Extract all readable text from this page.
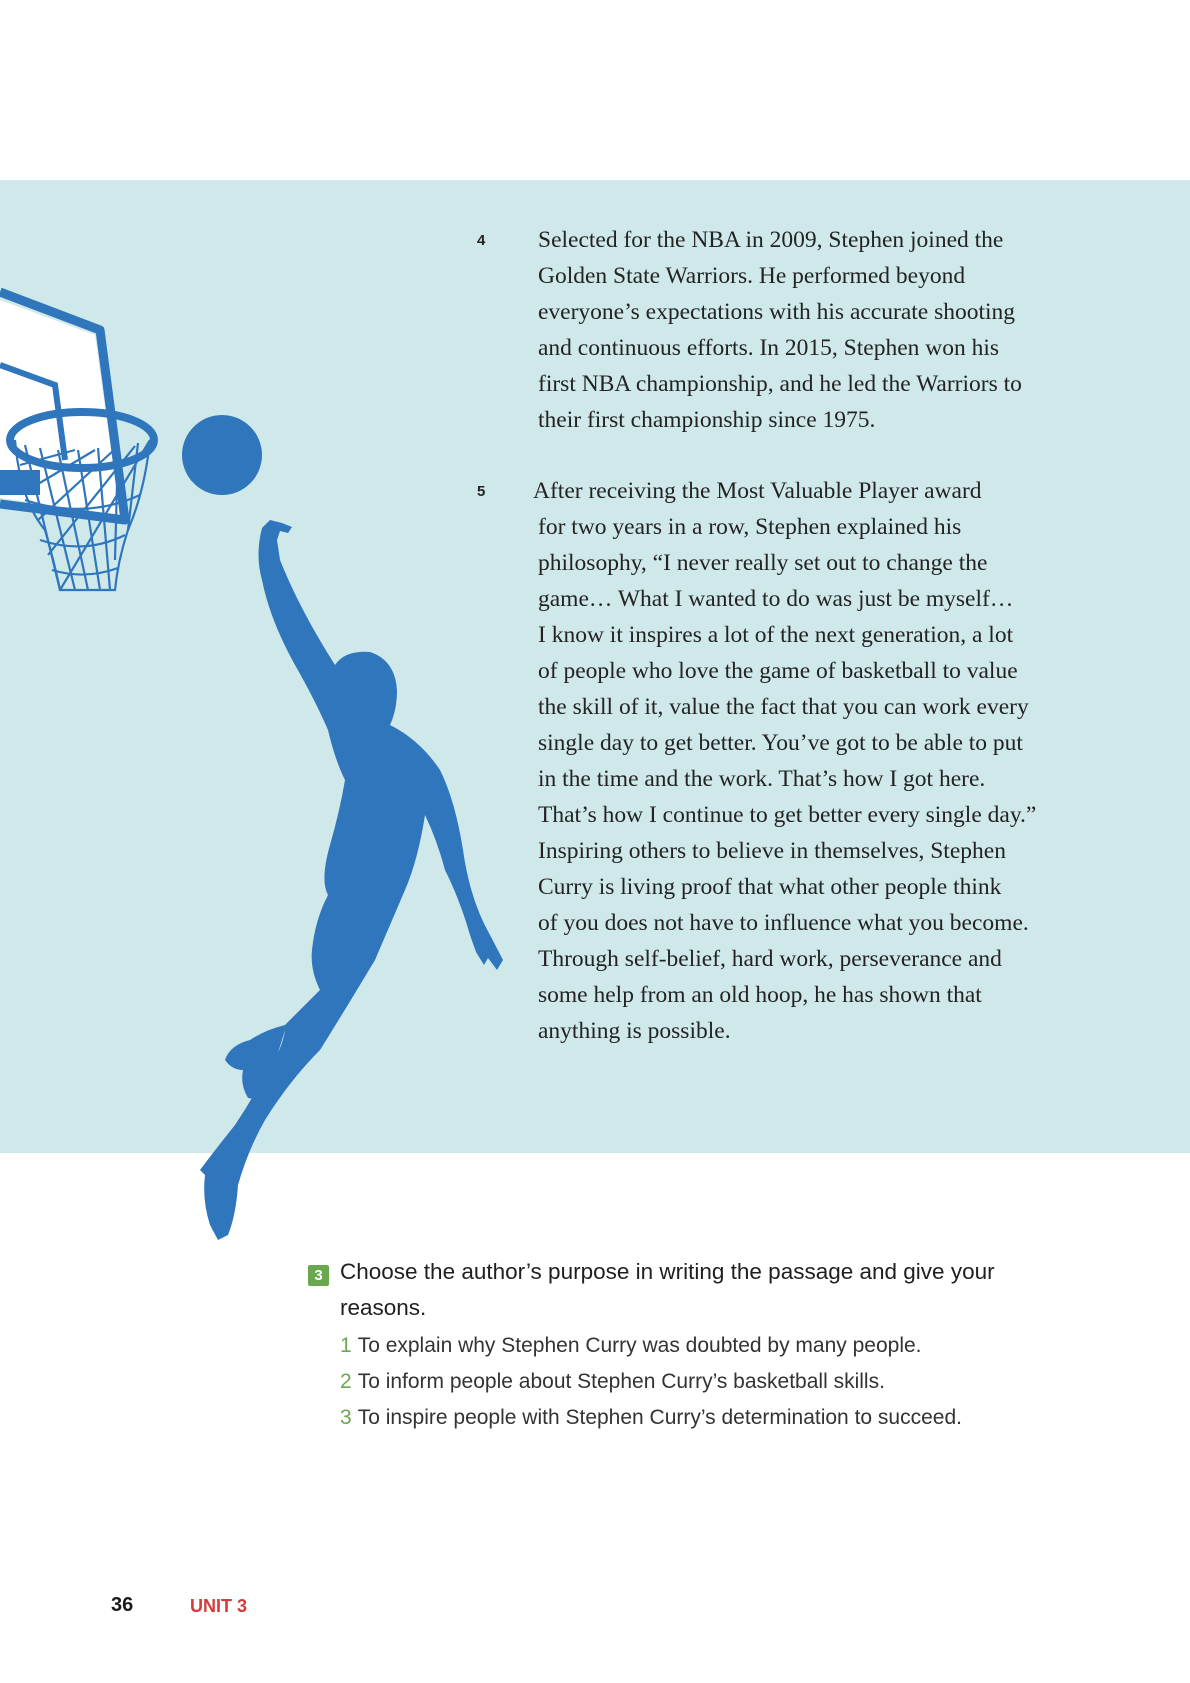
4	Selected for the NBA in 2009, Stephen joined the
Golden State Warriors. He performed beyond
everyone’s expectations with his accurate shooting
and continuous efforts. In 2015, Stephen won his
first NBA championship, and he led the Warriors to
their first championship since 1975.
5	After receiving the Most Valuable Player award
for two years in a row, Stephen explained his
philosophy, “I never really set out to change the
game… What I wanted to do was just be myself…
I know it inspires a lot of the next generation, a lot
of people who love the game of basketball to value
the skill of it, value the fact that you can work every
single day to get better. You’ve got to be able to put
in the time and the work. That’s how I got here.
That’s how I continue to get better every single day.”
Inspiring others to believe in themselves, Stephen
Curry is living proof that what other people think
of you does not have to influence what you become.
Through self-belief, hard work, perseverance and
some help from an old hoop, he has shown that
anything is possible.
3 Choose the author’s purpose in writing the passage and give your
reasons.
1 To explain why Stephen Curry was doubted by many people.
2 To inform people about Stephen Curry’s basketball skills.
3 To inspire people with Stephen Curry’s determination to succeed.
36	UNIT 3
